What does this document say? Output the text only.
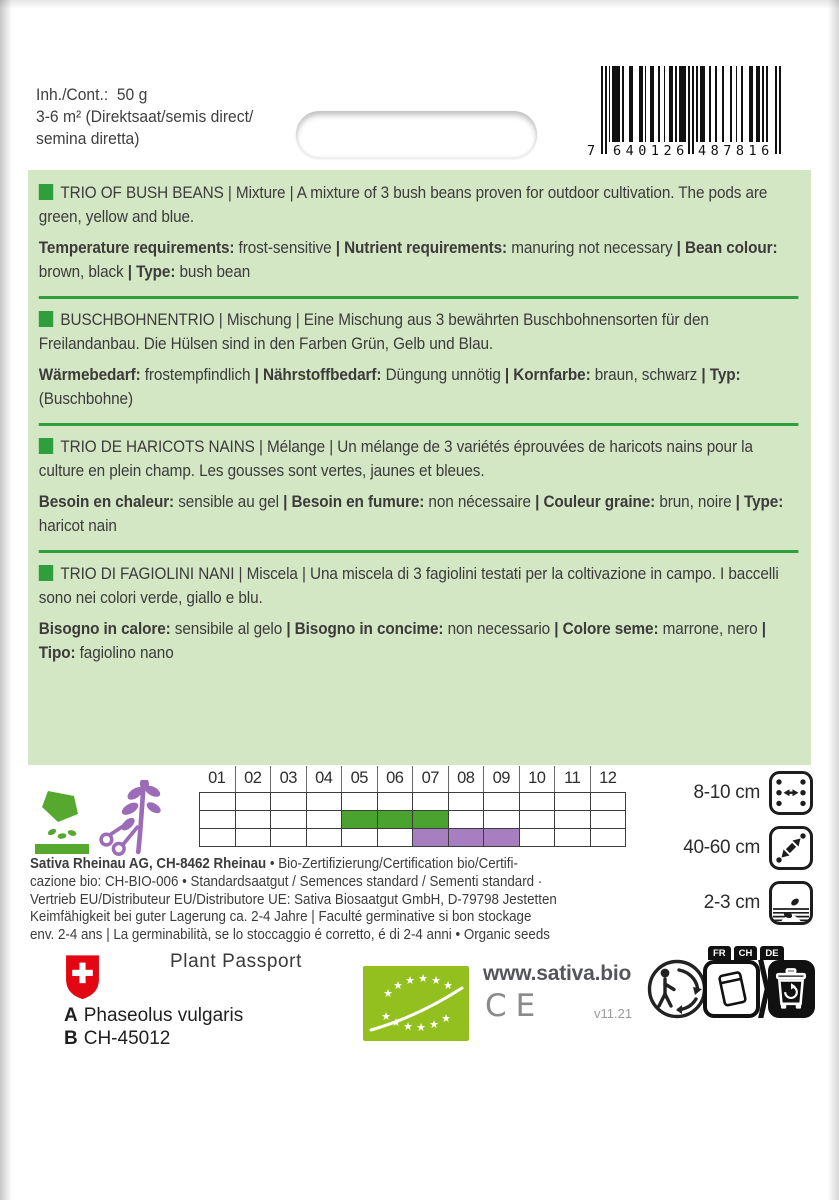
Inh./Cont.:  50 g
3-6 m² (Direktsaat/semis direct/
semina diretta)
7 640126 487816

TRIO OF BUSH BEANS | Mixture | A mixture of 3 bush beans proven for outdoor cultivation. The pods are green, yellow and blue.

Temperature requirements: frost-sensitive | Nutrient requirements: manuring not necessary | Bean colour: brown, black | Type: bush bean

BUSCHBOHNENTRIO | Mischung | Eine Mischung aus 3 bewährten Buschbohnensorten für den Freilandanbau. Die Hülsen sind in den Farben Grün, Gelb und Blau.

Wärmebedarf: frostempfindlich | Nährstoffbedarf: Düngung unnötig | Kornfarbe: braun, schwarz | Typ: (Buschbohne)

TRIO DE HARICOTS NAINS | Mélange | Un mélange de 3 variétés éprouvées de haricots nains pour la culture en plein champ. Les gousses sont vertes, jaunes et bleues.

Besoin en chaleur: sensible au gel | Besoin en fumure: non nécessaire | Couleur graine: brun, noire | Type: haricot nain

TRIO DI FAGIOLINI NANI | Miscela | Una miscela di 3 fagiolini testati per la coltivazione in campo. I baccelli sono nei colori verde, giallo e blu.

Bisogno in calore: sensibile al gelo | Bisogno in concime: non necessario | Colore seme: marrone, nero | Tipo: fagiolino nano

01	02	03	04	05	06	07	08	09	10	11	12
Sativa Rheinau AG, CH-8462 Rheinau • Bio-Zertifizierung/Certification bio/Certifi-
cazione bio: CH-BIO-006 • Standardsaatgut / Semences standard / Sementi standard ·
Vertrieb EU/Distributeur EU/Distributore UE: Sativa Biosaatgut GmbH, D-79798 Jestetten
Keimfähigkeit bei guter Lagerung ca. 2-4 Jahre | Faculté germinative si bon stockage
env. 2-4 ans | La germinabilità, se lo stoccaggio é corretto, é di 2-4 anni • Organic seeds
8-10 cm
40-60 cm
2-3 cm
Plant Passport
A Phaseolus vulgaris
B CH-45012
★
★ ★ ★ ★ ★
★ ★ ★ ★ ★ ★
www.sativa.bio
CE	v11.21
FR	CH	DE
